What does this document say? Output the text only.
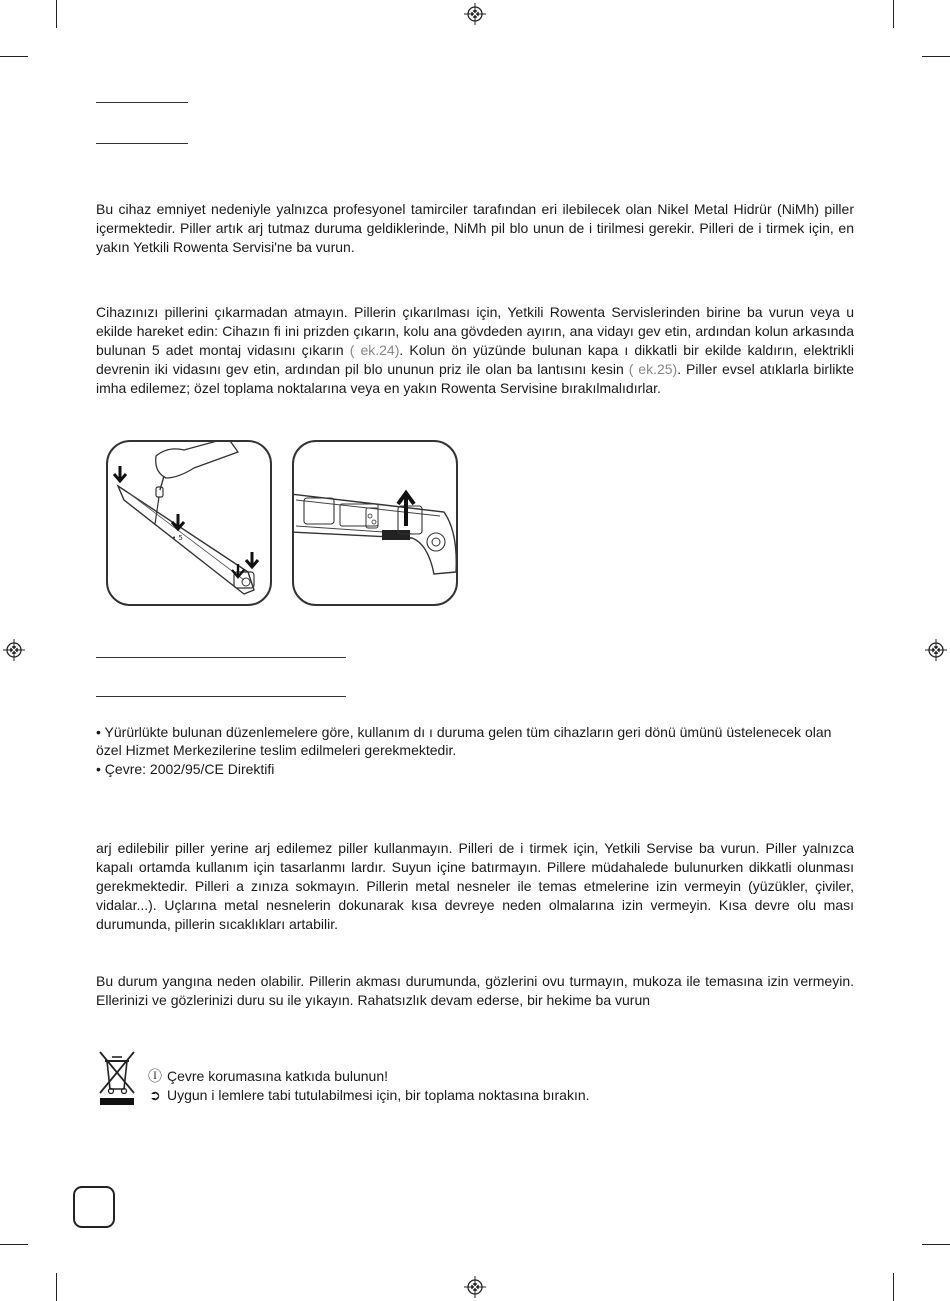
Bu cihaz emniyet nedeniyle yalnızca profesyonel tamirciler tarafından eri ilebilecek olan Nikel Metal Hidrür (NiMh) piller içermektedir. Piller artık arj tutmaz duruma geldiklerinde, NiMh pil blo unun de i tirilmesi gerekir. Pilleri de i tirmek için, en yakın Yetkili Rowenta Servisi'ne ba vurun.

Cihazınızı pillerini çıkarmadan atmayın. Pillerin çıkarılması için, Yetkili Rowenta Servislerinden birine ba vurun veya u ekilde hareket edin: Cihazın fi ini prizden çıkarın, kolu ana gövdeden ayırın, ana vidayı gev etin, ardından kolun arkasında bulunan 5 adet montaj vidasını çıkarın ( ek.24). Kolun ön yüzünde bulunan kapa ı dikkatli bir ekilde kaldırın, elektrikli devrenin iki vidasını gev etin, ardından pil blo ununun priz ile olan ba lantısını kesin ( ek.25). Piller evsel atıklarla birlikte imha edilemez; özel toplama noktalarına veya en yakın Rowenta Servisine bırakılmalıdırlar.

• 5

• Yürürlükte bulunan düzenlemelere göre, kullanım dı ı duruma gelen tüm cihazların geri dönü ümünü üstelenecek olan özel Hizmet Merkezilerine teslim edilmeleri gerekmektedir.

• Çevre: 2002/95/CE Direktifi

arj edilebilir piller yerine arj edilemez piller kullanmayın. Pilleri de i tirmek için, Yetkili Servise ba vurun. Piller yalnızca kapalı ortamda kullanım için tasarlanmı lardır. Suyun içine batırmayın. Pillere müdahalede bulunurken dikkatli olunması gerekmektedir. Pilleri a zınıza sokmayın. Pillerin metal nesneler ile temas etmelerine izin vermeyin (yüzükler, çiviler, vidalar...). Uçlarına metal nesnelerin dokunarak kısa devreye neden olmalarına izin vermeyin. Kısa devre olu ması durumunda, pillerin sıcaklıkları artabilir.

Bu durum yangına neden olabilir. Pillerin akması durumunda, gözlerini ovu turmayın, mukoza ile temasına izin vermeyin. Ellerinizi ve gözlerinizi duru su ile yıkayın. Rahatsızlık devam ederse, bir hekime ba vurun

Ⓘ Çevre korumasına katkıda bulunun!
➲ Uygun i lemlere tabi tutulabilmesi için, bir toplama noktasına bırakın.
